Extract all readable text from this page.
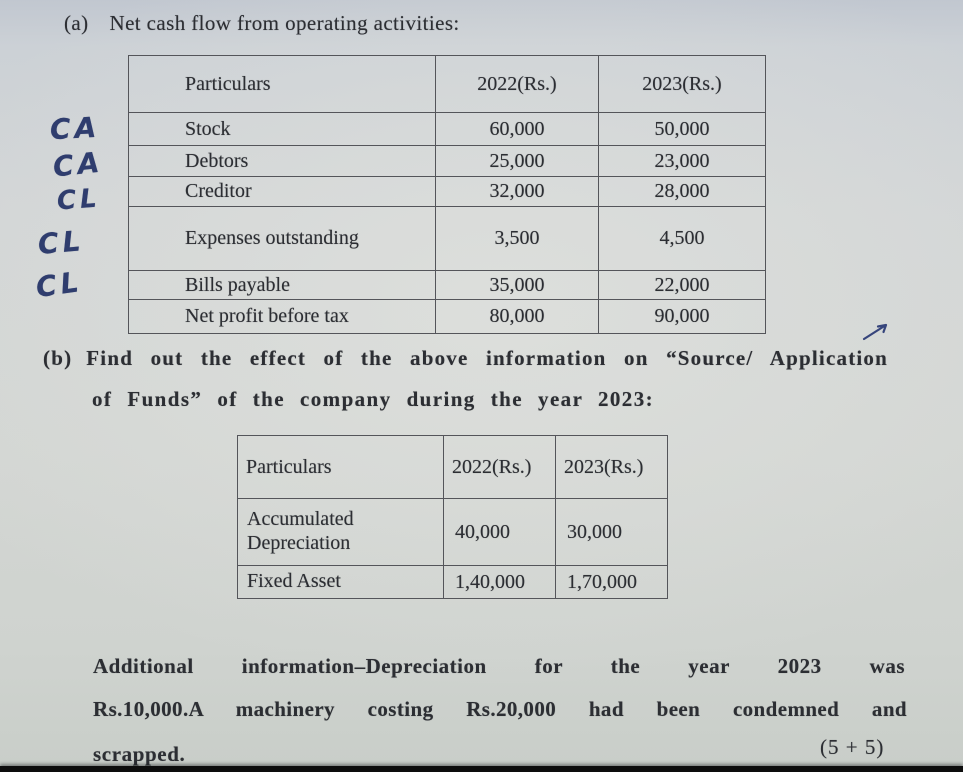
(a) Net cash flow from operating activities:
Particulars	2022(Rs.)	2023(Rs.)
Stock	60,000	50,000
Debtors	25,000	23,000
Creditor	32,000	28,000
Expenses outstanding	3,500	4,500
Bills payable	35,000	22,000
Net profit before tax	80,000	90,000
CA
CA
CL
CL
CL
(b) Find out the effect of the above information on “Source/ Application
of Funds” of the company during the year 2023:
Particulars	2022(Rs.)	2023(Rs.)
Accumulated Depreciation	40,000	30,000
Fixed Asset	1,40,000	1,70,000
Additional information–Depreciation for the year 2023 was
Rs.10,000.A machinery costing Rs.20,000 had been condemned and
scrapped.	(5 + 5)
